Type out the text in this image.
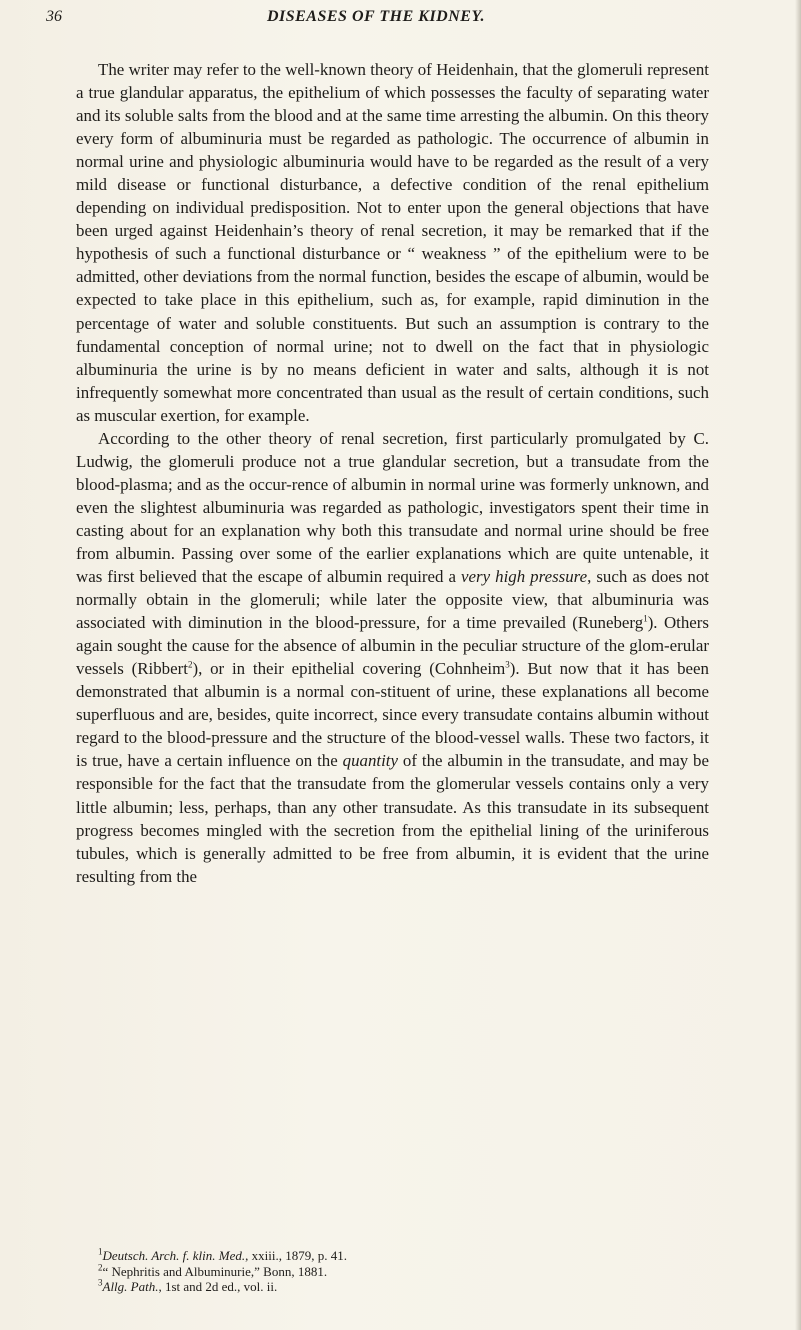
36	DISEASES OF THE KIDNEY.

The writer may refer to the well-known theory of Heidenhain, that the glomeruli represent a true glandular apparatus, the epithelium of which possesses the faculty of separating water and its soluble salts from the blood and at the same time arresting the albumin. On this theory every form of albuminuria must be regarded as pathologic. The occurrence of albumin in normal urine and physiologic albuminuria would have to be regarded as the result of a very mild disease or functional disturbance, a defective condition of the renal epithelium depending on individual predisposition. Not to enter upon the general objections that have been urged against Heidenhain’s theory of renal secretion, it may be remarked that if the hypothesis of such a functional disturbance or “ weakness ” of the epithelium were to be admitted, other deviations from the normal function, besides the escape of albumin, would be expected to take place in this epithelium, such as, for example, rapid diminution in the percentage of water and soluble constituents. But such an assumption is contrary to the fundamental conception of normal urine; not to dwell on the fact that in physiologic albuminuria the urine is by no means deficient in water and salts, although it is not infrequently somewhat more concentrated than usual as the result of certain conditions, such as muscular exertion, for example.

According to the other theory of renal secretion, first particularly promulgated by C. Ludwig, the glomeruli produce not a true glandular secretion, but a transudate from the blood-plasma; and as the occur-rence of albumin in normal urine was formerly unknown, and even the slightest albuminuria was regarded as pathologic, investigators spent their time in casting about for an explanation why both this transudate and normal urine should be free from albumin. Passing over some of the earlier explanations which are quite untenable, it was first believed that the escape of albumin required a very high pressure, such as does not normally obtain in the glomeruli; while later the opposite view, that albuminuria was associated with diminution in the blood-pressure, for a time prevailed (Runeberg$^1$). Others again sought the cause for the absence of albumin in the peculiar structure of the glom-erular vessels (Ribbert$^2$), or in their epithelial covering (Cohnheim$^3$). But now that it has been demonstrated that albumin is a normal con-stituent of urine, these explanations all become superfluous and are, besides, quite incorrect, since every transudate contains albumin without regard to the blood-pressure and the structure of the blood-vessel walls. These two factors, it is true, have a certain influence on the quantity of the albumin in the transudate, and may be responsible for the fact that the transudate from the glomerular vessels contains only a very little albumin; less, perhaps, than any other transudate. As this transudate in its subsequent progress becomes mingled with the secretion from the epithelial lining of the uriniferous tubules, which is generally admitted to be free from albumin, it is evident that the urine resulting from the

$^1$Deutsch. Arch. f. klin. Med., xxiii., 1879, p. 41.
$^2$“ Nephritis and Albuminurie,” Bonn, 1881.
$^3$Allg. Path., 1st and 2d ed., vol. ii.
